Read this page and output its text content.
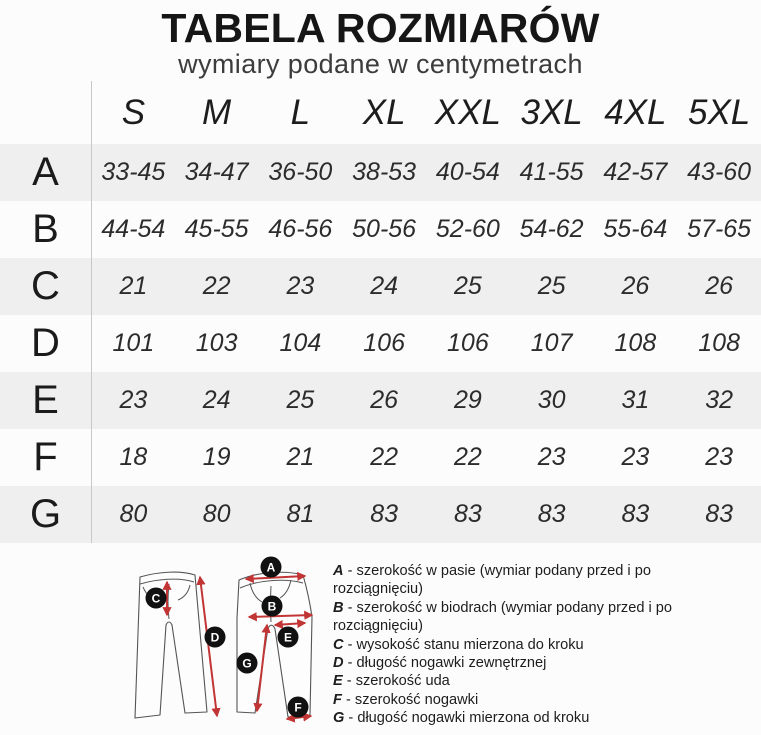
TABELA ROZMIARÓW
wymiary podane w centymetrach
S	M	L	XL XXL 3XL 4XL 5XL
A	33-45 34-47 36-50 38-53 40-54 41-55 42-57 43-60
B	44-54 45-55 46-56 50-56 52-60 54-62 55-64 57-65
C	21	22	23	24	25	25	26	26
D	101	103	104	106	106	107	108	108
E	23	24	25	26	29	30	31	32
F	18	19	21	22	22	23	23	23
G	80	80	81	83	83	83	83	83
C
D
A
B
E
G
F
A - szerokość w pasie (wymiar podany przed i po rozciągnięciu)
B - szerokość w biodrach (wymiar podany przed i po rozciągnięciu)
C - wysokość stanu mierzona do kroku
D - długość nogawki zewnętrznej
E - szerokość uda
F - szerokość nogawki
G - długość nogawki mierzona od kroku
